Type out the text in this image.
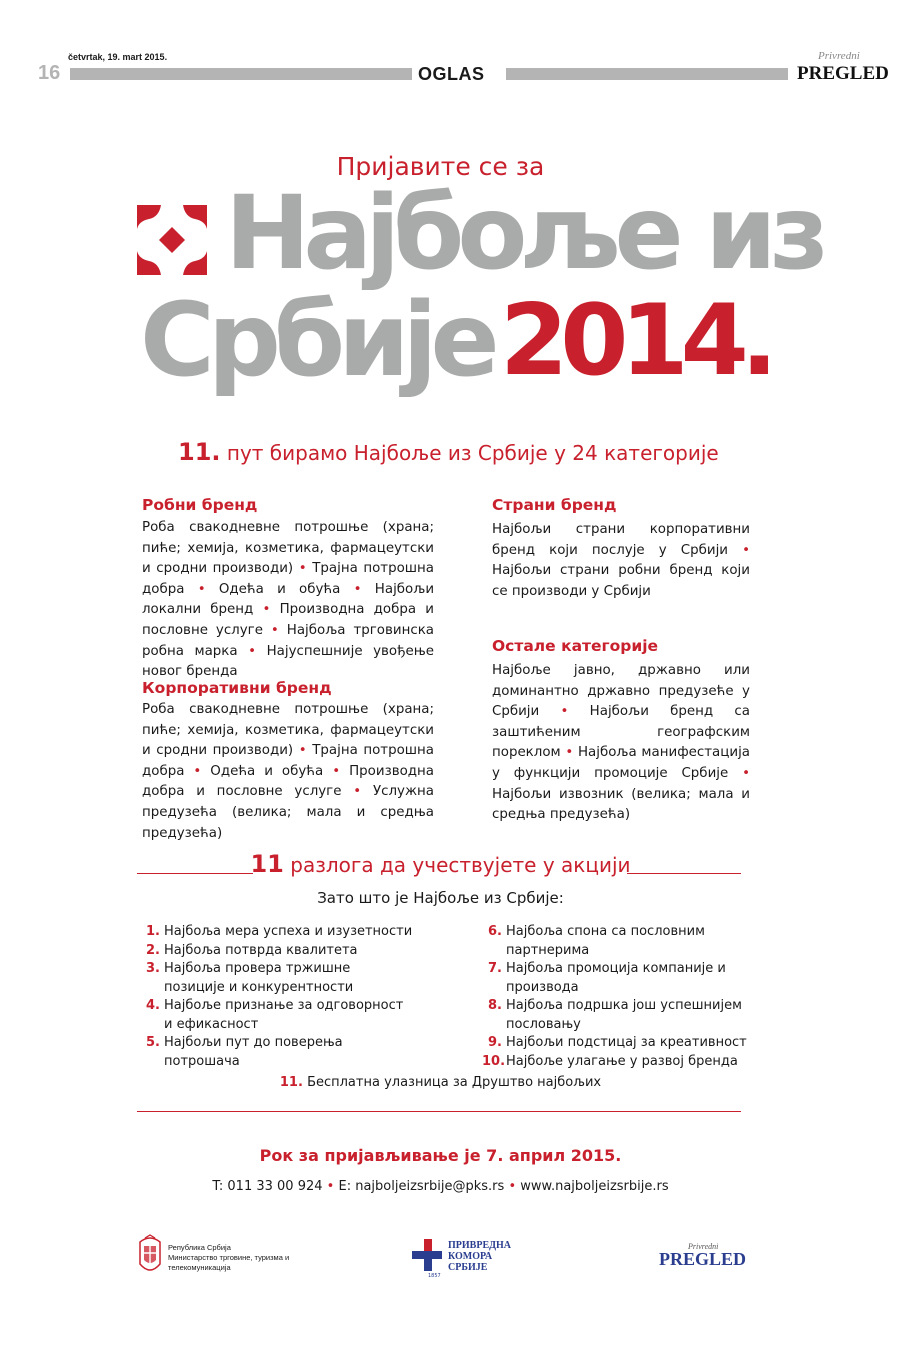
četvrtak, 19. mart 2015.
16	OGLAS
Privredni
PREGLED
Пријавите се за
Најбоље из
Србије 2014.
11. пут бирамо Најбоље из Србије у 24 категорије
Робни бренд
Роба свакодневне потрошње (храна; пиће; хемија, козметика, фармацеутски и сродни производи) • Трајна потрошна добра • Одећа и обућа • Најбољи локални бренд • Производна добра и пословне услуге • Најбоља трговинска робна марка • Најуспешније увођење новог бренда
Корпоративни бренд
Роба свакодневне потрошње (храна; пиће; хемија, козметика, фармацеутски и сродни производи) • Трајна потрошна добра • Одећа и обућа • Производна добра и пословне услуге • Услужна предузећа (велика; мала и средња предузећа)
Страни бренд
Најбољи страни корпоративни бренд који послује у Србији • Најбољи страни робни бренд који се производи у Србији
Остале категорије
Најбоље јавно, државно или доминантно државно предузеће у Србији • Најбољи бренд са заштићеним географским пореклом • Најбоља манифестација у функцији промоције Србије • Најбољи извозник (велика; мала и средња предузећа)
11 разлога да учествујете у акцији
Зато што је Најбоље из Србије:
1. Најбоља мера успеха и изузетности
2. Најбоља потврда квалитета
3. Најбоља провера тржишне позиције и конкурентности
4. Најбоље признање за одговорност и ефикасност
5. Најбољи пут до поверења потрошача
6. Најбоља спона са пословним партнерима
7. Најбоља промоција компаније и производа
8. Најбоља подршка још успешнијем пословању
9. Најбољи подстицај за креативност
10. Најбоље улагање у развој бренда
11. Бесплатна улазница за Друштво најбољих
Рок за пријављивање је 7. април 2015.
T: 011 33 00 924 • E: najboljeizsrbije@pks.rs • www.najboljeizsrbije.rs
Република Србија
Министарство трговине, туризма и
телекомуникација
1857
ПРИВРЕДНА
КОМОРА
СРБИЈЕ
Privredni
PREGLED
